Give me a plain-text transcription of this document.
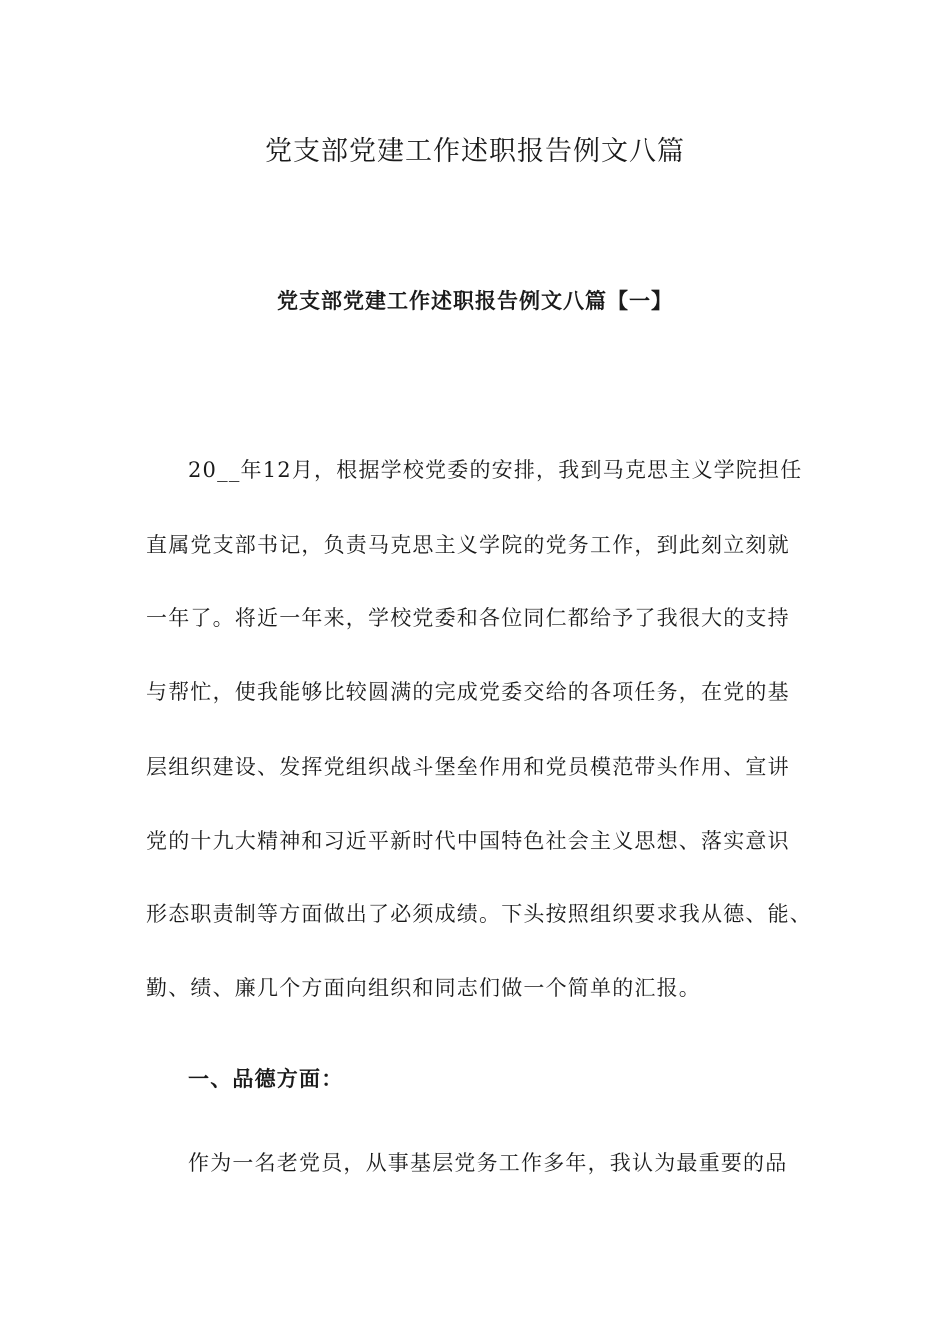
党支部党建工作述职报告例文八篇
党支部党建工作述职报告例文八篇【一】
20__年12月，根据学校党委的安排，我到马克思主义学院担任
直属党支部书记，负责马克思主义学院的党务工作，到此刻立刻就
一年了。将近一年来，学校党委和各位同仁都给予了我很大的支持
与帮忙，使我能够比较圆满的完成党委交给的各项任务，在党的基
层组织建设、发挥党组织战斗堡垒作用和党员模范带头作用、宣讲
党的十九大精神和习近平新时代中国特色社会主义思想、落实意识
形态职责制等方面做出了必须成绩。下头按照组织要求我从德、能、
勤、绩、廉几个方面向组织和同志们做一个简单的汇报。
一、品德方面：
作为一名老党员，从事基层党务工作多年，我认为最重要的品
